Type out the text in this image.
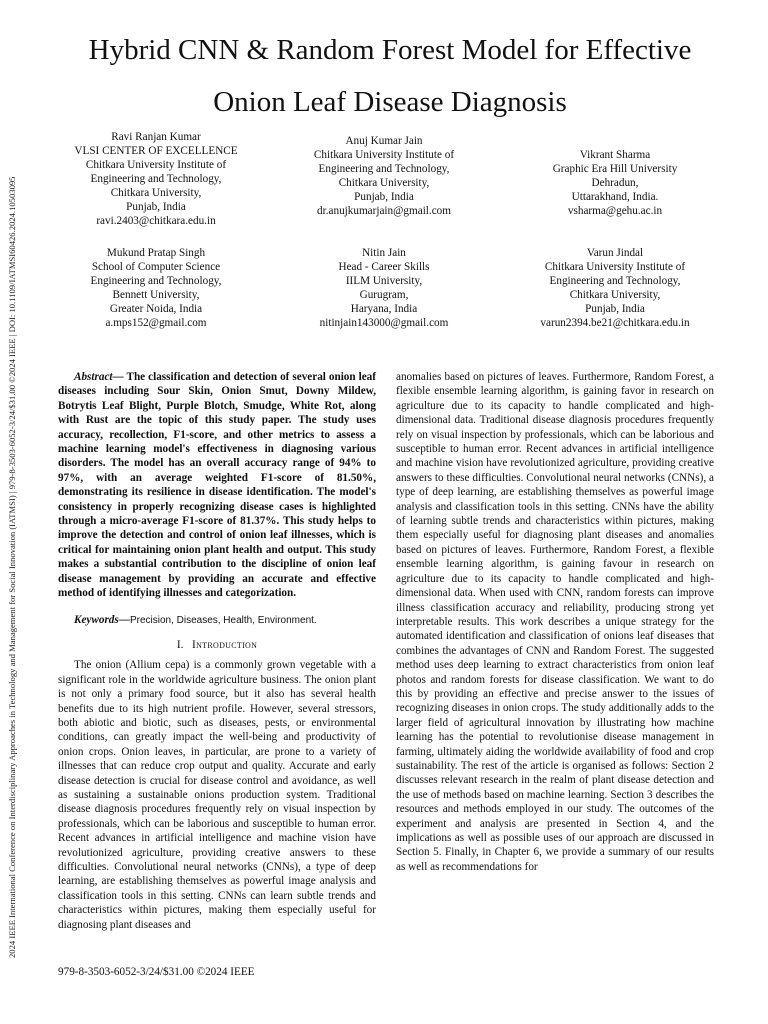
2024 IEEE International Conference on Interdisciplinary Approaches in Technology and Management for Social Innovation (IATMSI) | 979-8-3503-6052-3/24/$31.00 ©2024 IEEE | DOI: 10.1109/IATMSI60426.2024.10503095
Hybrid CNN & Random Forest Model for Effective
Onion Leaf Disease Diagnosis
Ravi Ranjan Kumar
VLSI CENTER OF EXCELLENCE
Chitkara University Institute of
Engineering and Technology,
Chitkara University,
Punjab, India
ravi.2403@chitkara.edu.in
Anuj Kumar Jain
Chitkara University Institute of
Engineering and Technology,
Chitkara University,
Punjab, India
dr.anujkumarjain@gmail.com
Vikrant Sharma
Graphic Era Hill University
Dehradun,
Uttarakhand, India.
vsharma@gehu.ac.in
Mukund Pratap Singh
School of Computer Science
Engineering and Technology,
Bennett University,
Greater Noida, India
a.mps152@gmail.com
Nitin Jain
Head - Career Skills
IILM University,
Gurugram,
Haryana, India
nitinjain143000@gmail.com
Varun Jindal
Chitkara University Institute of
Engineering and Technology,
Chitkara University,
Punjab, India
varun2394.be21@chitkara.edu.in

Abstract— The classification and detection of several onion leaf diseases including Sour Skin, Onion Smut, Downy Mildew, Botrytis Leaf Blight, Purple Blotch, Smudge, White Rot, along with Rust are the topic of this study paper. The study uses accuracy, recollection, F1-score, and other metrics to assess a machine learning model's effectiveness in diagnosing various disorders. The model has an overall accuracy range of 94% to 97%, with an average weighted F1-score of 81.50%, demonstrating its resilience in disease identification. The model's consistency in properly recognizing disease cases is highlighted through a micro-average F1-score of 81.37%. This study helps to improve the detection and control of onion leaf illnesses, which is critical for maintaining onion plant health and output. This study makes a substantial contribution to the discipline of onion leaf disease management by providing an accurate and effective method of identifying illnesses and categorization.

Keywords—Precision, Diseases, Health, Environment.

I. Introduction

The onion (Allium cepa) is a commonly grown vegetable with a significant role in the worldwide agriculture business. The onion plant is not only a primary food source, but it also has several health benefits due to its high nutrient profile. However, several stressors, both abiotic and biotic, such as diseases, pests, or environmental conditions, can greatly impact the well-being and productivity of onion crops. Onion leaves, in particular, are prone to a variety of illnesses that can reduce crop output and quality. Accurate and early disease detection is crucial for disease control and avoidance, as well as sustaining a sustainable onions production system. Traditional disease diagnosis procedures frequently rely on visual inspection by professionals, which can be laborious and susceptible to human error. Recent advances in artificial intelligence and machine vision have revolutionized agriculture, providing creative answers to these difficulties. Convolutional neural networks (CNNs), a type of deep learning, are establishing themselves as powerful image analysis and classification tools in this setting. CNNs can learn subtle trends and characteristics within pictures, making them especially useful for diagnosing plant diseases and

anomalies based on pictures of leaves. Furthermore, Random Forest, a flexible ensemble learning algorithm, is gaining favor in research on agriculture due to its capacity to handle complicated and high-dimensional data. Traditional disease diagnosis procedures frequently rely on visual inspection by professionals, which can be laborious and susceptible to human error. Recent advances in artificial intelligence and machine vision have revolutionized agriculture, providing creative answers to these difficulties. Convolutional neural networks (CNNs), a type of deep learning, are establishing themselves as powerful image analysis and classification tools in this setting. CNNs have the ability of learning subtle trends and characteristics within pictures, making them especially useful for diagnosing plant diseases and anomalies based on pictures of leaves. Furthermore, Random Forest, a flexible ensemble learning algorithm, is gaining favour in research on agriculture due to its capacity to handle complicated and high-dimensional data. When used with CNN, random forests can improve illness classification accuracy and reliability, producing strong yet interpretable results. This work describes a unique strategy for the automated identification and classification of onions leaf diseases that combines the advantages of CNN and Random Forest. The suggested method uses deep learning to extract characteristics from onion leaf photos and random forests for disease classification. We want to do this by providing an effective and precise answer to the issues of recognizing diseases in onion crops. The study additionally adds to the larger field of agricultural innovation by illustrating how machine learning has the potential to revolutionise disease management in farming, ultimately aiding the worldwide availability of food and crop sustainability. The rest of the article is organised as follows: Section 2 discusses relevant research in the realm of plant disease detection and the use of methods based on machine learning. Section 3 describes the resources and methods employed in our study. The outcomes of the experiment and analysis are presented in Section 4, and the implications as well as possible uses of our approach are discussed in Section 5. Finally, in Chapter 6, we provide a summary of our results as well as recommendations for

979-8-3503-6052-3/24/$31.00 ©2024 IEEE
